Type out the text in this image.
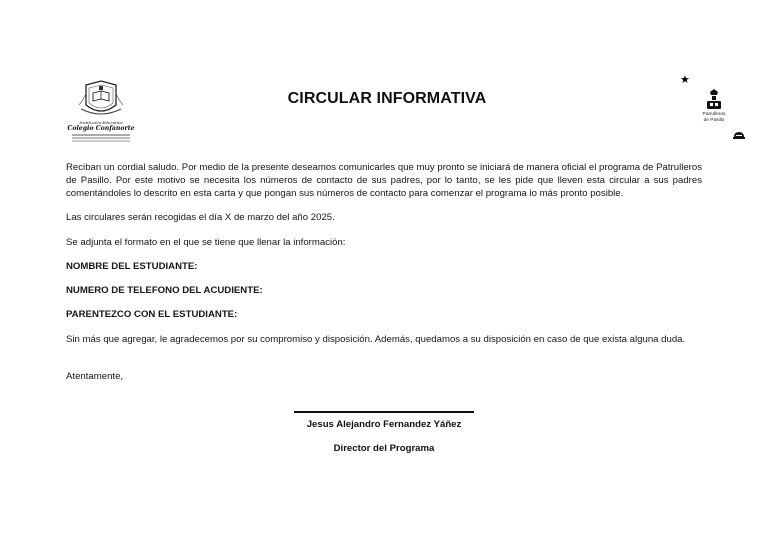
Institución Educativa
Colegio Confanorte
CIRCULAR INFORMATIVA
★
Patrulleros
de Pasillo
Reciban un cordial saludo. Por medio de la presente deseamos comunicarles que muy pronto se iniciará de manera oficial el programa de Patrulleros de Pasillo. Por este motivo se necesita los números de contacto de sus padres, por lo tanto, se les pide que lleven esta circular a sus padres comentándoles lo descrito en esta carta y que pongan sus números de contacto para comenzar el programa lo más pronto posible.
Las circulares serán recogidas el día X de marzo del año 2025.
Se adjunta el formato en el que se tiene que llenar la información:
NOMBRE DEL ESTUDIANTE:
NUMERO DE TELEFONO DEL ACUDIENTE:
PARENTEZCO CON EL ESTUDIANTE:
Sin más que agregar, le agradecemos por su compromiso y disposición. Además, quedamos a su disposición en caso de que exista alguna duda.
Atentamente,
Jesus Alejandro Fernandez Yáñez
Director del Programa
